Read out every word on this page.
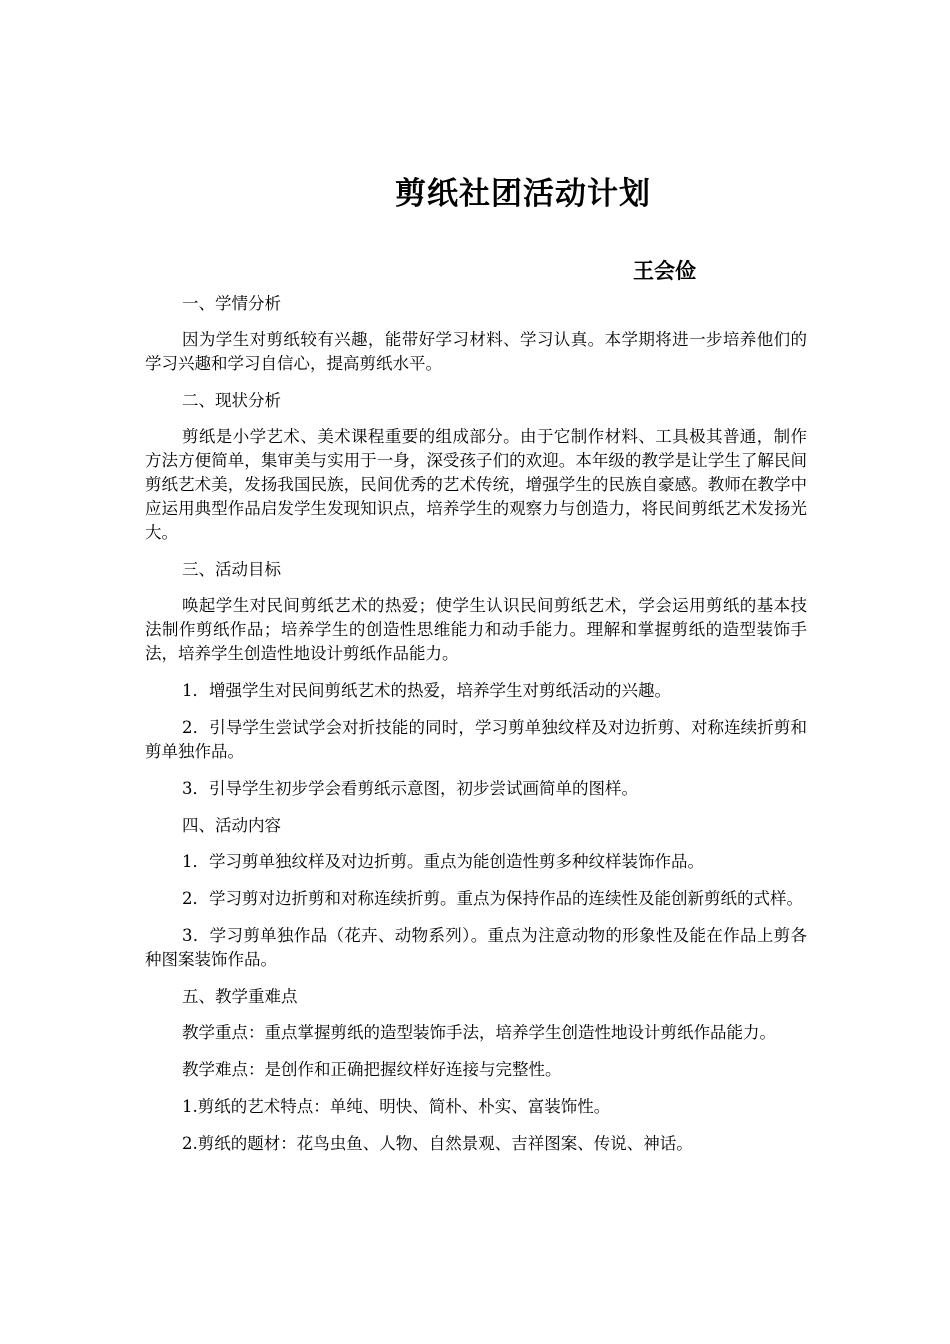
剪纸社团活动计划
王会俭

一、学情分析

因为学生对剪纸较有兴趣，能带好学习材料、学习认真。本学期将进一步培养他们的学习兴趣和学习自信心，提高剪纸水平。

二、现状分析

剪纸是小学艺术、美术课程重要的组成部分。由于它制作材料、工具极其普通，制作方法方便简单，集审美与实用于一身，深受孩子们的欢迎。本年级的教学是让学生了解民间剪纸艺术美，发扬我国民族，民间优秀的艺术传统，增强学生的民族自豪感。教师在教学中应运用典型作品启发学生发现知识点，培养学生的观察力与创造力，将民间剪纸艺术发扬光大。

三、活动目标

唤起学生对民间剪纸艺术的热爱；使学生认识民间剪纸艺术，学会运用剪纸的基本技法制作剪纸作品；培养学生的创造性思维能力和动手能力。理解和掌握剪纸的造型装饰手法，培养学生创造性地设计剪纸作品能力。

1．增强学生对民间剪纸艺术的热爱，培养学生对剪纸活动的兴趣。

2．引导学生尝试学会对折技能的同时，学习剪单独纹样及对边折剪、对称连续折剪和剪单独作品。

3．引导学生初步学会看剪纸示意图，初步尝试画简单的图样。

四、活动内容

1．学习剪单独纹样及对边折剪。重点为能创造性剪多种纹样装饰作品。

2．学习剪对边折剪和对称连续折剪。重点为保持作品的连续性及能创新剪纸的式样。

3．学习剪单独作品（花卉、动物系列）。重点为注意动物的形象性及能在作品上剪各种图案装饰作品。

五、教学重难点

教学重点：重点掌握剪纸的造型装饰手法，培养学生创造性地设计剪纸作品能力。

教学难点：是创作和正确把握纹样好连接与完整性。

1.剪纸的艺术特点：单纯、明快、简朴、朴实、富装饰性。

2.剪纸的题材：花鸟虫鱼、人物、自然景观、吉祥图案、传说、神话。
